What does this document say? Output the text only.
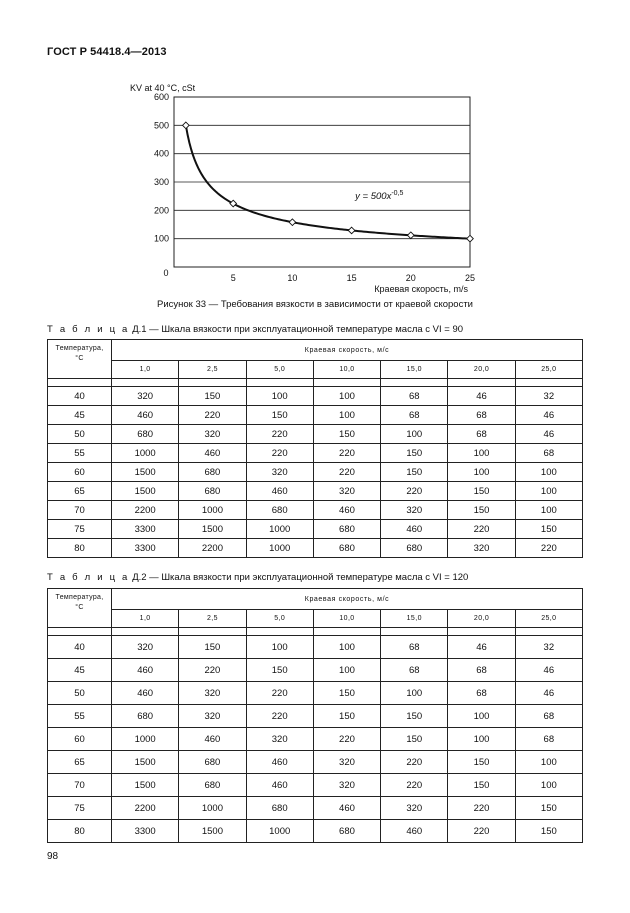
ГОСТ Р 54418.4—2013
100
200
300
400
500
600
5	10	15	20	25
0
KV at 40 °C, cSt
Краевая скорость, m/s
$y = 500x^{-0,5}$
Рисунок 33 — Требования вязкости в зависимости от краевой скорости
Т а б л и ц а Д.1 — Шкала вязкости при эксплуатационной температуре масла с VI = 90
Температура,
°C	Краевая скорость, м/с						
	1,0	2,5	5,0	10,0	15,0	20,0	25,0

40	320	150	100	100	68	46	32
45	460	220	150	100	68	68	46
50	680	320	220	150	100	68	46
55	1000	460	220	220	150	100	68
60	1500	680	320	220	150	100	100
65	1500	680	460	320	220	150	100
70	2200	1000	680	460	320	150	100
75	3300	1500	1000	680	460	220	150
80	3300	2200	1000	680	680	320	220
Т а б л и ц а Д.2 — Шкала вязкости при эксплуатационной температуре масла с VI = 120
Температура,
°C	Краевая скорость, м/с						
	1,0	2,5	5,0	10,0	15,0	20,0	25,0

40	320	150	100	100	68	46	32
45	460	220	150	100	68	68	46
50	460	320	220	150	100	68	46
55	680	320	220	150	150	100	68
60	1000	460	320	220	150	100	68
65	1500	680	460	320	220	150	100
70	1500	680	460	320	220	150	100
75	2200	1000	680	460	320	220	150
80	3300	1500	1000	680	460	220	150
98
